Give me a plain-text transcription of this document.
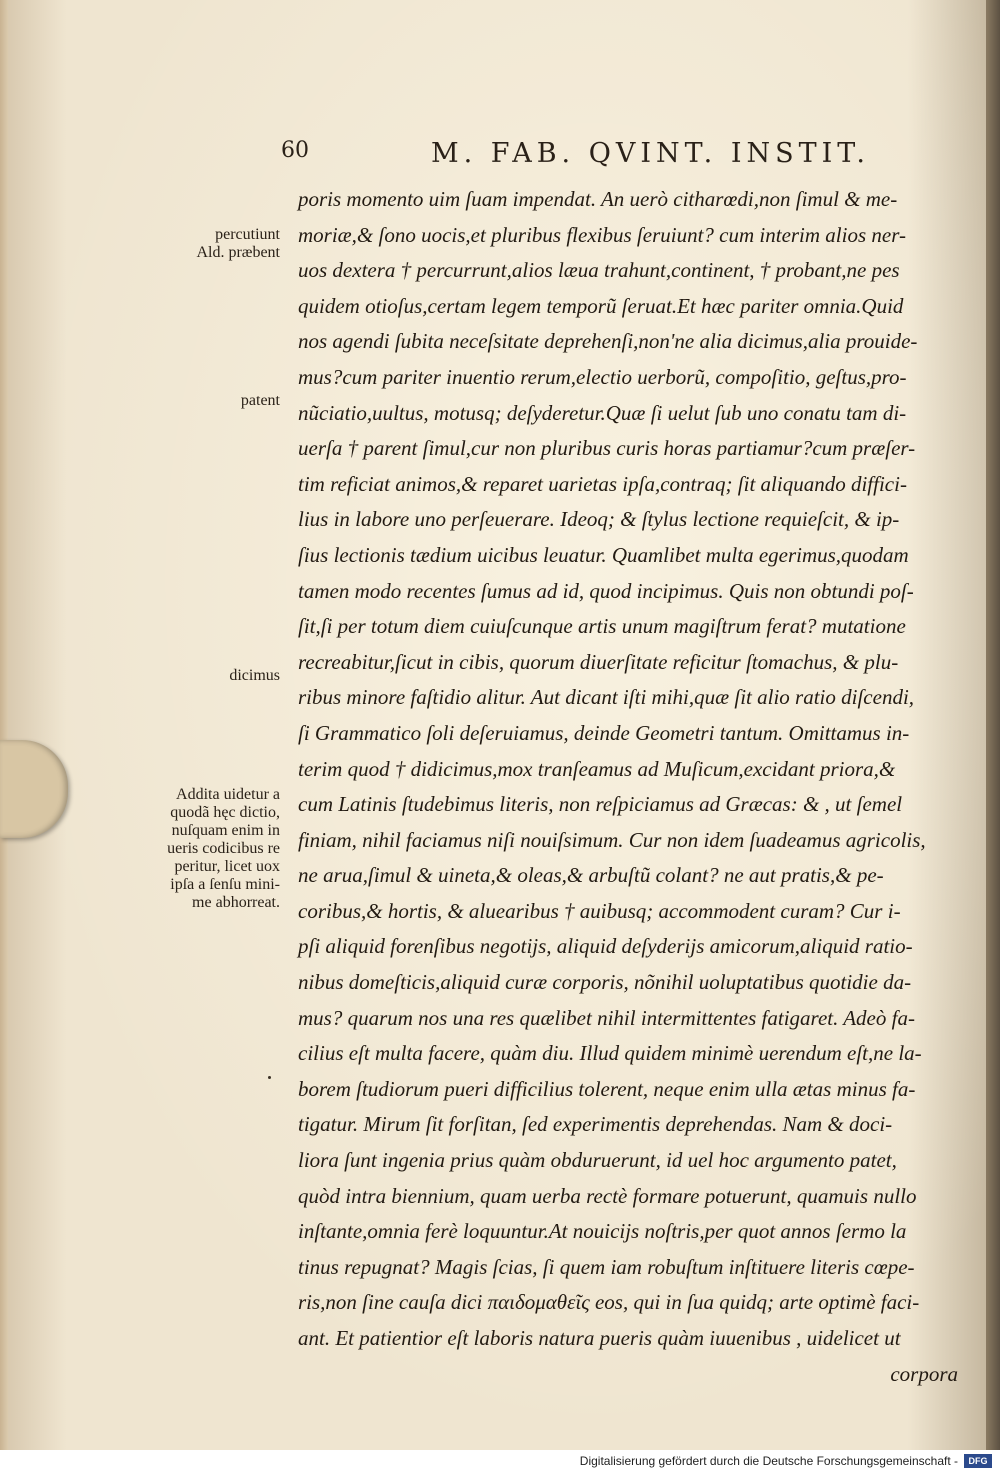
60	M. FAB. QVINT. INSTIT.
poris momento uim ſuam impendat. An uerò citharœdi,non ſimul & me-
moriæ,& ſono uocis,et pluribus flexibus ſeruiunt? cum interim alios ner-
uos dextera † percurrunt,alios læua trahunt,continent, † probant,ne pes
quidem otioſus,certam legem temporũ ſeruat.Et hæc pariter omnia.Quid
nos agendi ſubita neceſsitate deprehenſi,non'ne alia dicimus,alia prouide-
mus?cum pariter inuentio rerum,electio uerborũ, compoſitio, geſtus,pro-
nũciatio,uultus, motusq; deſyderetur.Quæ ſi uelut ſub uno conatu tam di-
uerſa † parent ſimul,cur non pluribus curis horas partiamur?cum præſer-
tim reficiat animos,& reparet uarietas ipſa,contraq; ſit aliquando diffici-
lius in labore uno perſeuerare. Ideoq; & ſtylus lectione requieſcit, & ip-
ſius lectionis tædium uicibus leuatur. Quamlibet multa egerimus,quodam
tamen modo recentes ſumus ad id, quod incipimus. Quis non obtundi poſ-
ſit,ſi per totum diem cuiuſcunque artis unum magiſtrum ferat? mutatione
recreabitur,ſicut in cibis, quorum diuerſitate reficitur ſtomachus, & plu-
ribus minore faſtidio alitur. Aut dicant iſti mihi,quæ ſit alio ratio diſcendi,
ſi Grammatico ſoli deſeruiamus, deinde Geometri tantum. Omittamus in-
terim quod † didicimus,mox tranſeamus ad Muſicum,excidant priora,&
cum Latinis ſtudebimus literis, non reſpiciamus ad Græcas: & , ut ſemel
finiam, nihil faciamus niſi nouiſsimum. Cur non idem ſuadeamus agricolis,
ne arua,ſimul & uineta,& oleas,& arbuſtũ colant? ne aut pratis,& pe-
coribus,& hortis, & aluearibus † auibusq; accommodent curam? Cur i-
pſi aliquid forenſibus negotijs, aliquid deſyderijs amicorum,aliquid ratio-
nibus domeſticis,aliquid curæ corporis, nõnihil uoluptatibus quotidie da-
mus? quarum nos una res quælibet nihil intermittentes fatigaret. Adeò fa-
cilius eſt multa facere, quàm diu. Illud quidem minimè uerendum eſt,ne la-
borem ſtudiorum pueri difficilius tolerent, neque enim ulla ætas minus fa-
tigatur. Mirum ſit forſitan, ſed experimentis deprehendas. Nam & doci-
liora ſunt ingenia prius quàm obduruerunt, id uel hoc argumento patet,
quòd intra biennium, quam uerba rectè formare potuerunt, quamuis nullo
inſtante,omnia ferè loquuntur.At nouicijs noſtris,per quot annos ſermo la
tinus repugnat? Magis ſcias, ſi quem iam robuſtum inſtituere literis cœpe-
ris,non ſine cauſa dici παιδομαθεῖς eos, qui in ſua quidq; arte optimè faci-
ant. Et patientior eſt laboris natura pueris quàm iuuenibus , uidelicet ut
corpora
percutiunt
Ald. præbent
patent
dicimus
Addita uidetur a
quodã hęc dictio,
nuſquam enim in
ueris codicibus re
peritur, licet uox
ipſa a ſenſu mini-
me abhorreat.
Digitalisierung gefördert durch die Deutsche Forschungsgemeinschaft -	DFG
